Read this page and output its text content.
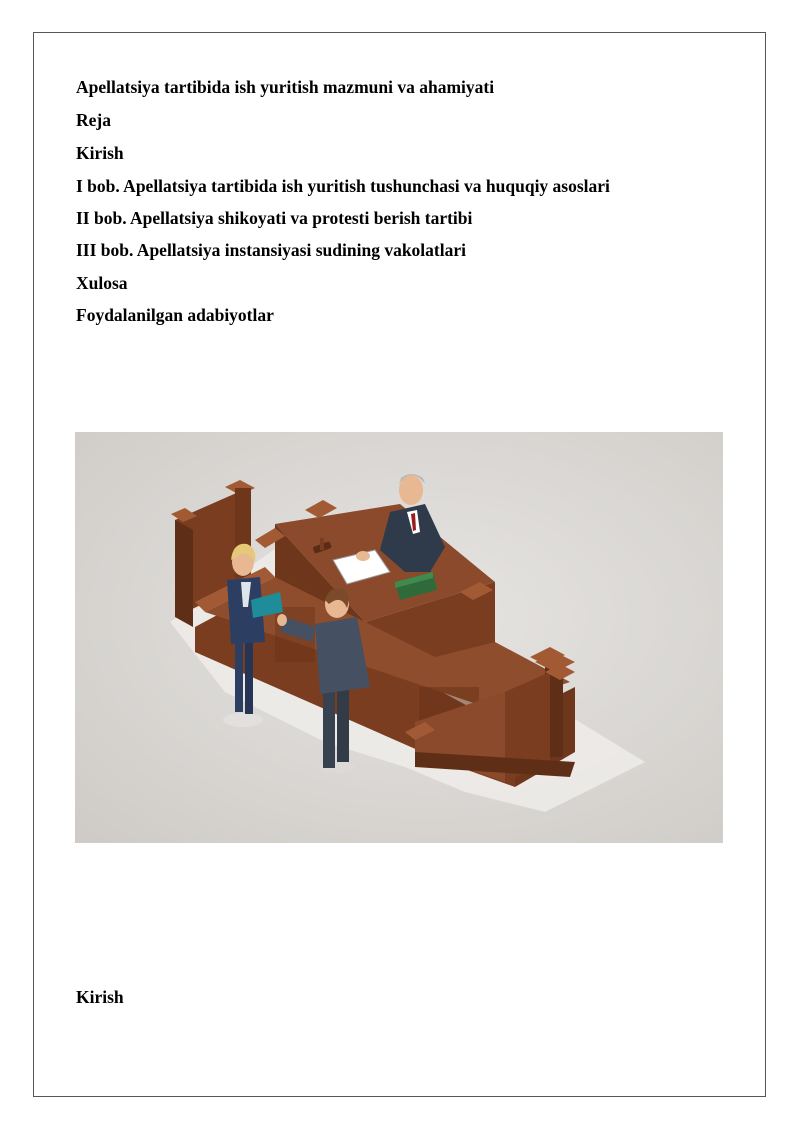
Apellatsiya tartibida ish yuritish mazmuni va ahamiyati
Reja
Kirish
I bob. Apellatsiya tartibida ish yuritish tushunchasi va huquqiy asoslari
II bob. Apellatsiya shikoyati va protesti berish tartibi
III bob. Apellatsiya instansiyasi sudining vakolatlari
Xulosa
Foydalanilgan adabiyotlar
Kirish
